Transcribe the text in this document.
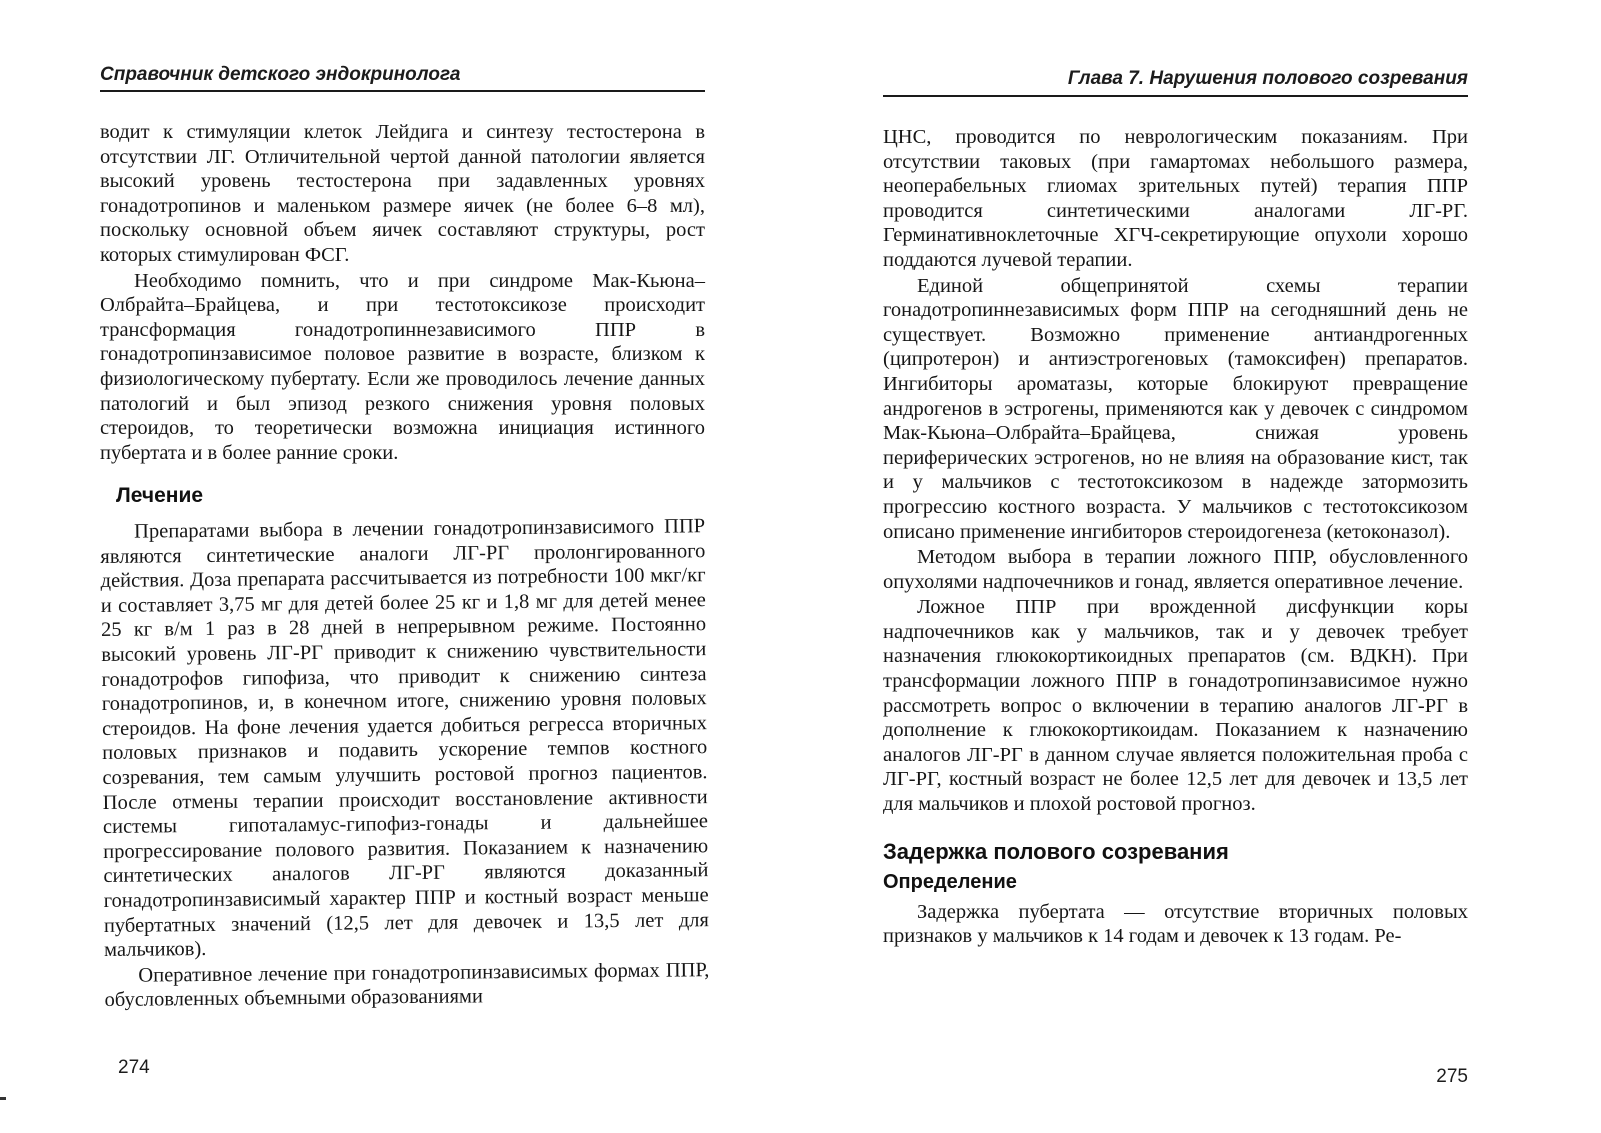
Справочник детского эндокринолога

водит к стимуляции клеток Лейдига и синтезу тестостерона в отсутствии ЛГ. Отличительной чертой данной патологии является высокий уровень тестостерона при задавленных уровнях гонадотропинов и маленьком размере яичек (не более 6–8 мл), поскольку основной объем яичек составляют структуры, рост которых стимулирован ФСГ.

Необходимо помнить, что и при синдроме Мак-Кьюна–Олбрайта–Брайцева, и при тестотоксикозе происходит трансформация гонадотропиннезависимого ППР в гонадотропинзависимое половое развитие в возрасте, близком к физиологическому пубертату. Если же проводилось лечение данных патологий и был эпизод резкого снижения уровня половых стероидов, то теоретически возможна инициация истинного пубертата и в более ранние сроки.

Лечение

Препаратами выбора в лечении гонадотропинзависимого ППР являются синтетические аналоги ЛГ-РГ пролонгированного действия. Доза препарата рассчитывается из потребности 100 мкг/кг и составляет 3,75 мг для детей более 25 кг и 1,8 мг для детей менее 25 кг в/м 1 раз в 28 дней в непрерывном режиме. Постоянно высокий уровень ЛГ-РГ приводит к снижению чувствительности гонадотрофов гипофиза, что приводит к снижению синтеза гонадотропинов, и, в конечном итоге, снижению уровня половых стероидов. На фоне лечения удается добиться регресса вторичных половых признаков и подавить ускорение темпов костного созревания, тем самым улучшить ростовой прогноз пациентов. После отмены терапии происходит восстановление активности системы гипоталамус-гипофиз-гонады и дальнейшее прогрессирование полового развития. Показанием к назначению синтетических аналогов ЛГ-РГ являются доказанный гонадотропинзависимый характер ППР и костный возраст меньше пубертатных значений (12,5 лет для девочек и 13,5 лет для мальчиков).

Оперативное лечение при гонадотропинзависимых формах ППР, обусловленных объемными образованиями

274
Глава 7. Нарушения полового созревания

ЦНС, проводится по неврологическим показаниям. При отсутствии таковых (при гамартомах небольшого размера, неоперабельных глиомах зрительных путей) терапия ППР проводится синтетическими аналогами ЛГ-РГ. Герминативноклеточные ХГЧ-секретирующие опухоли хорошо поддаются лучевой терапии.

Единой общепринятой схемы терапии гонадотропиннезависимых форм ППР на сегодняшний день не существует. Возможно применение антиандрогенных (ципротерон) и антиэстрогеновых (тамоксифен) препаратов. Ингибиторы ароматазы, которые блокируют превращение андрогенов в эстрогены, применяются как у девочек с синдромом Мак-Кьюна–Олбрайта–Брайцева, снижая уровень периферических эстрогенов, но не влияя на образование кист, так и у мальчиков с тестотоксикозом в надежде затормозить прогрессию костного возраста. У мальчиков с тестотоксикозом описано применение ингибиторов стероидогенеза (кетоконазол).

Методом выбора в терапии ложного ППР, обусловленного опухолями надпочечников и гонад, является оперативное лечение.

Ложное ППР при врожденной дисфункции коры надпочечников как у мальчиков, так и у девочек требует назначения глюкокортикоидных препаратов (см. ВДКН). При трансформации ложного ППР в гонадотропинзависимое нужно рассмотреть вопрос о включении в терапию аналогов ЛГ-РГ в дополнение к глюкокортикоидам. Показанием к назначению аналогов ЛГ-РГ в данном случае является положительная проба с ЛГ-РГ, костный возраст не более 12,5 лет для девочек и 13,5 лет для мальчиков и плохой ростовой прогноз.

Задержка полового созревания
Определение

Задержка пубертата — отсутствие вторичных половых признаков у мальчиков к 14 годам и девочек к 13 годам. Ре-

275
